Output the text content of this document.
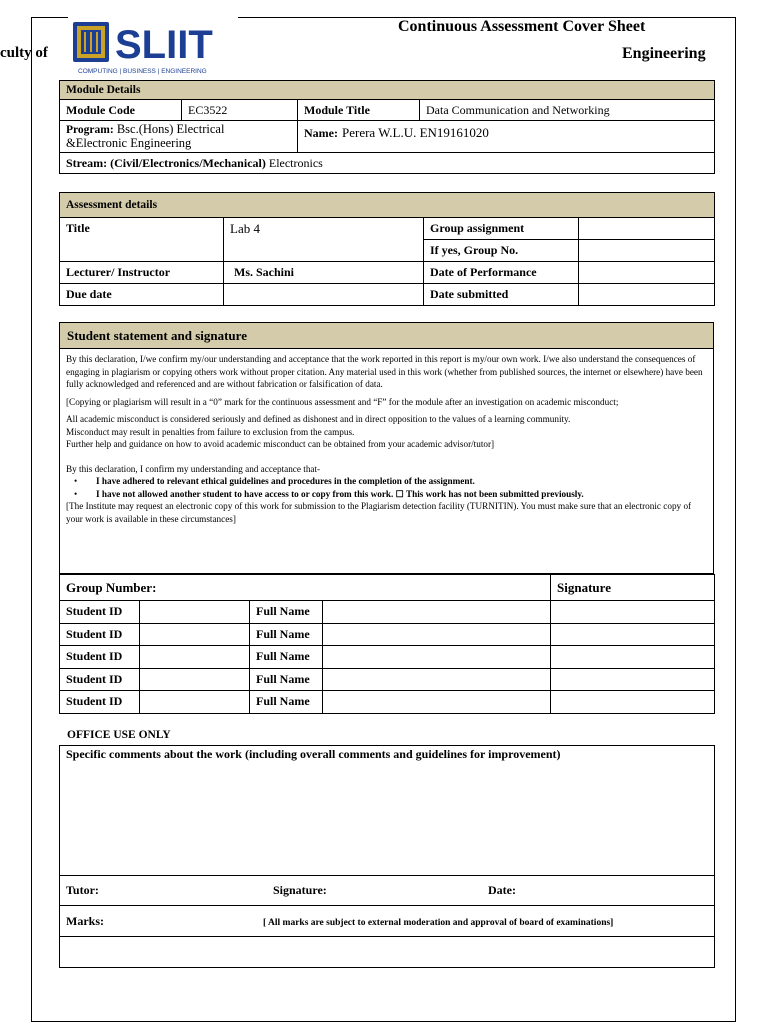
culty of SLIIT
COMPUTING | BUSINESS | ENGINEERING
Continuous Assessment Cover Sheet
Engineering
Module Details			
Module Code	EC3522	Module Title	Data Communication and Networking
Program: Bsc.(Hons) Electrical &Electronic Engineering		Name: Perera W.L.U. EN19161020	
Stream: (Civil/Electronics/Mechanical) Electronics			
Assessment details			
Title	Lab 4	Group assignment	
		If yes, Group No.	
Lecturer/ Instructor	Ms. Sachini	Date of Performance	
Due date		Date submitted	
Student statement and signature

By this declaration, I/we confirm my/our understanding and acceptance that the work reported in this report is my/our own work. I/we also understand the consequences of engaging in plagiarism or copying others work without proper citation. Any material used in this work (whether from published sources, the internet or elsewhere) have been fully acknowledged and referenced and are without fabrication or falsification of data.

[Copying or plagiarism will result in a “0” mark for the continuous assessment and “F” for the module after an investigation on academic misconduct;

All academic misconduct is considered seriously and defined as dishonest and in direct opposition to the values of a learning community.
Misconduct may result in penalties from failure to exclusion from the campus.
Further help and guidance on how to avoid academic misconduct can be obtained from your academic advisor/tutor]
By this declaration, I confirm my understanding and acceptance that-
• I have adhered to relevant ethical guidelines and procedures in the completion of the assignment.
• I have not allowed another student to have access to or copy from this work. ☐ This work has not been submitted previously.
[The Institute may request an electronic copy of this work for submission to the Plagiarism detection facility (TURNITIN). You must make sure that an electronic copy of your work is available in these circumstances]
Group Number:				Signature
Student ID		Full Name		
Student ID		Full Name		
Student ID		Full Name		
Student ID		Full Name		
Student ID		Full Name		
OFFICE USE ONLY
Specific comments about the work (including overall comments and guidelines for improvement)
Tutor:	Signature:	Date:
Marks:	[ All marks are subject to external moderation and approval of board of examinations]
